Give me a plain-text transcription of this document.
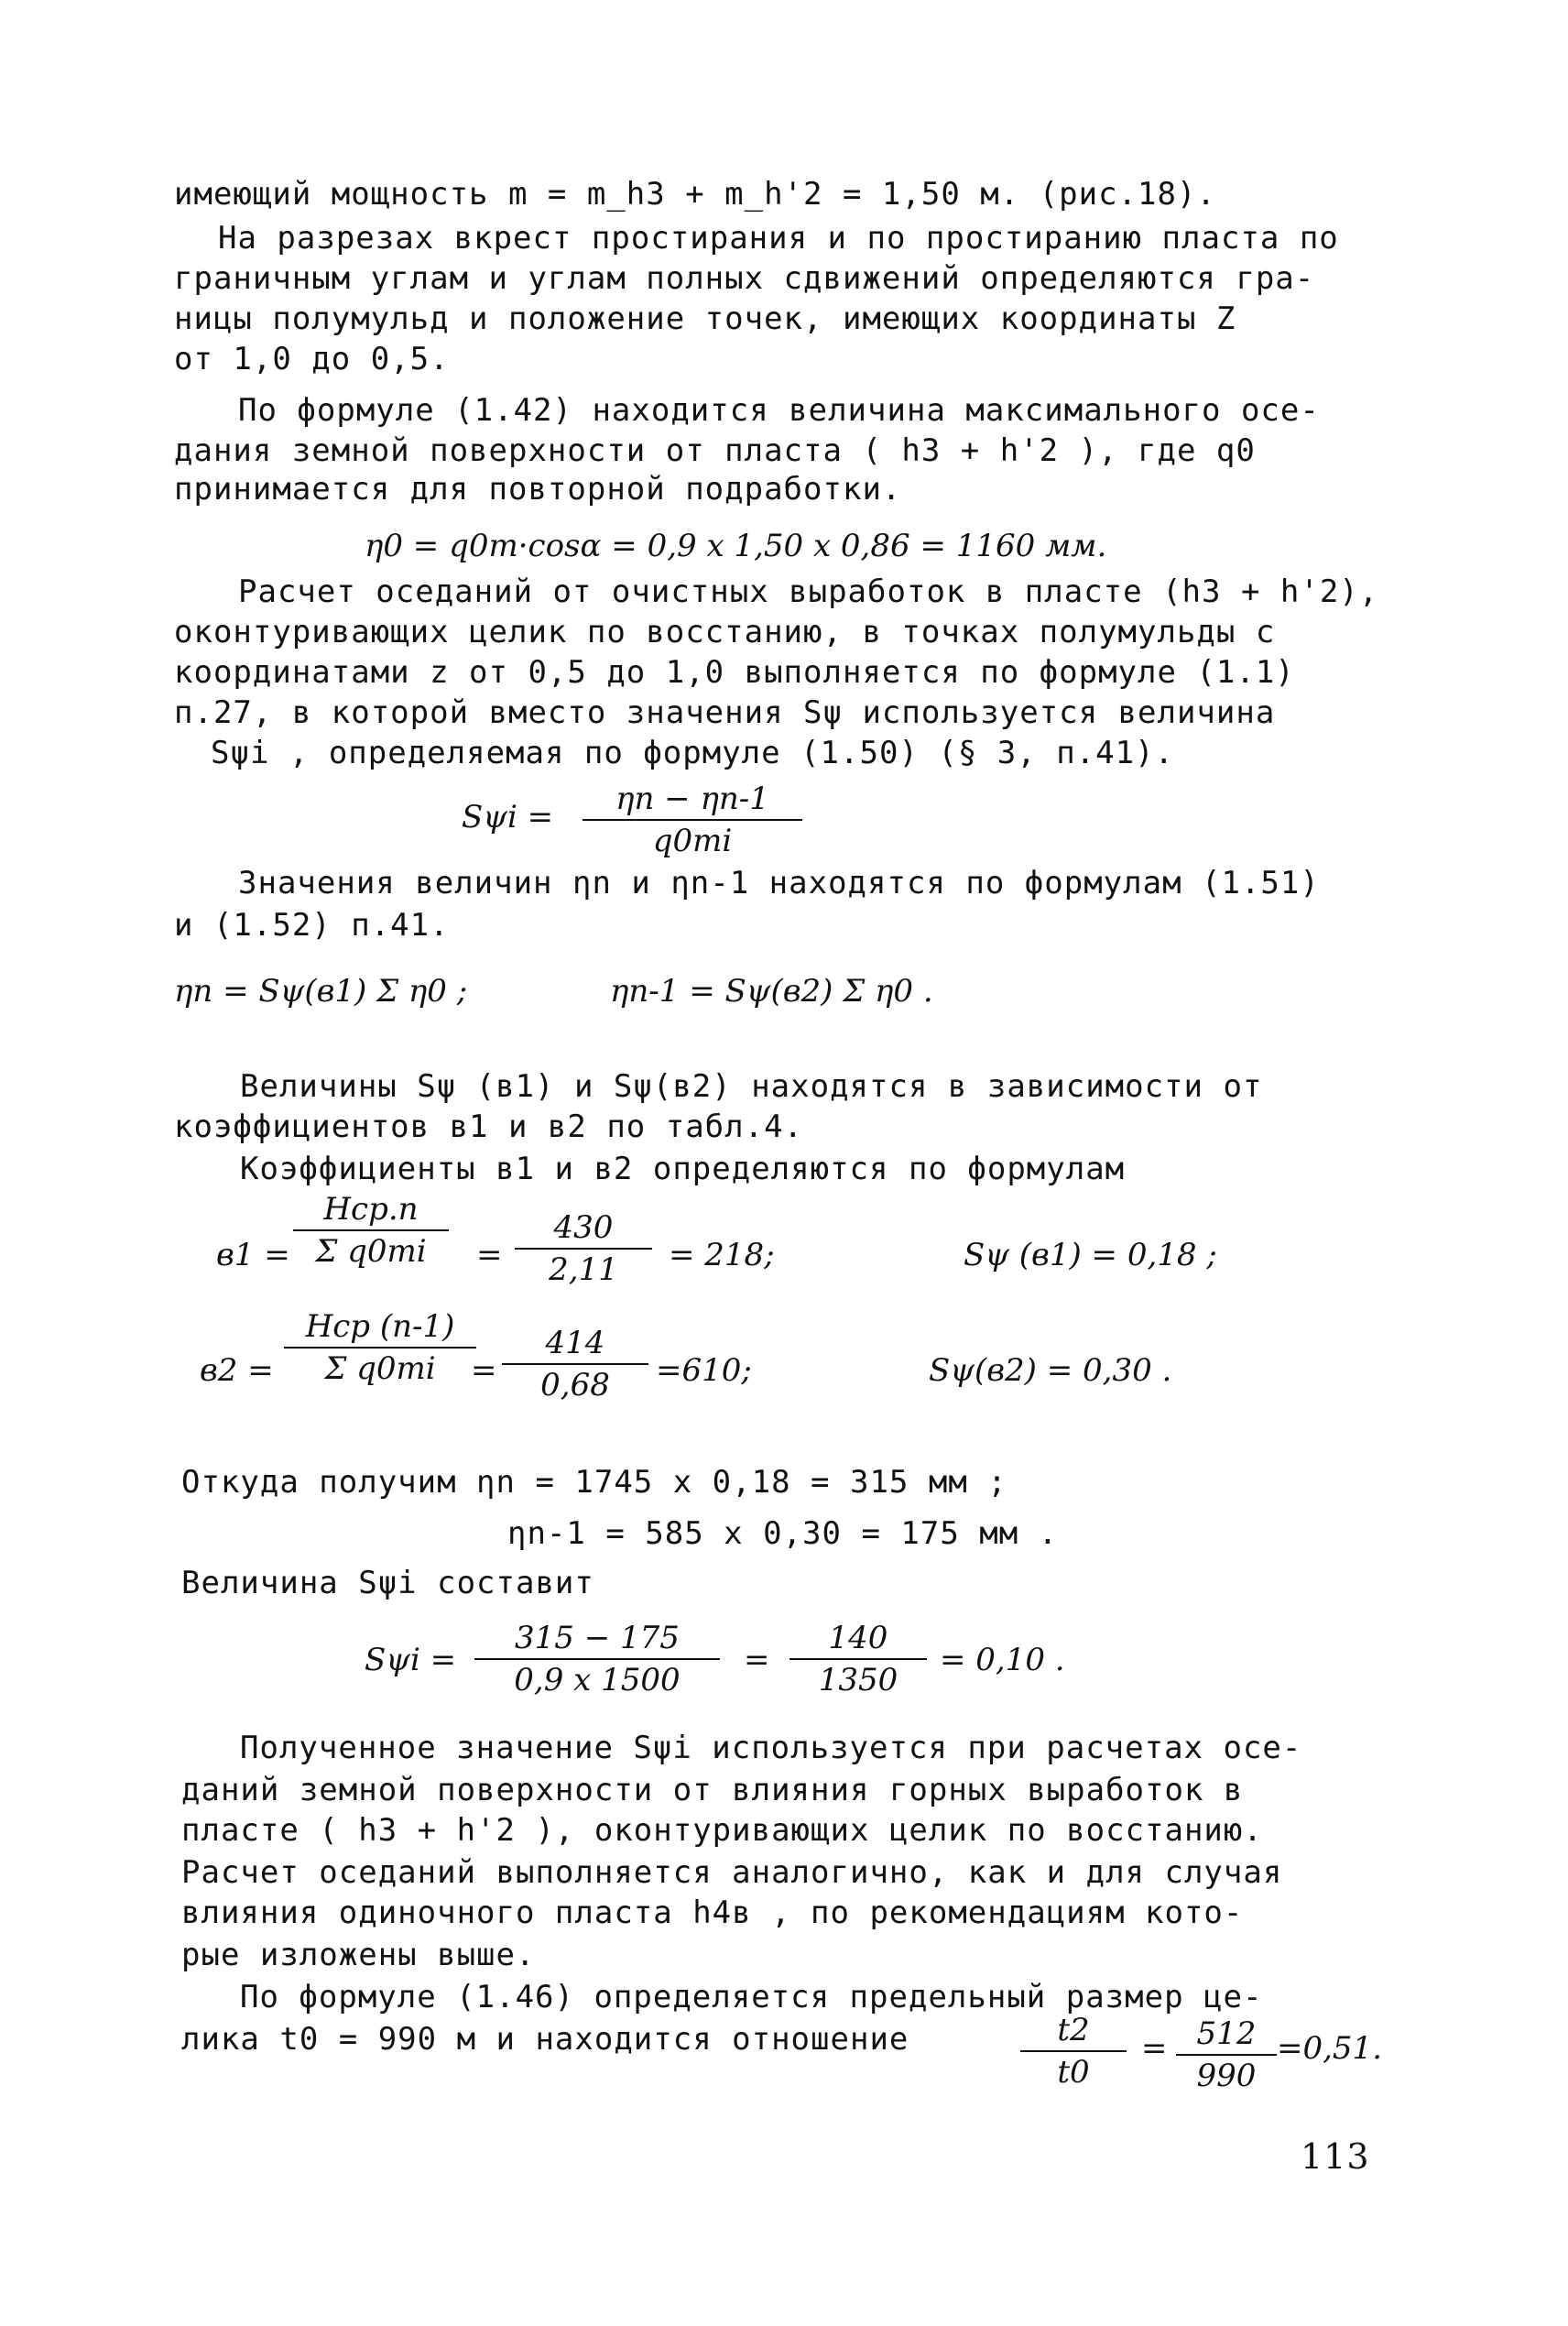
имеющий мощность m = m_h3 + m_h'2 = 1,50 м. (рис.18).
На разрезах вкрест простирания и по простиранию пласта по
граничным углам и углам полных сдвижений определяются гра-
ницы полумульд и положение точек, имеющих координаты Z
от 1,0 до 0,5.
По формуле (1.42) находится величина максимального осе-
дания земной поверхности от пласта ( h3 + h'2 ), где q0
принимается для повторной подработки.
η0 = q0m·cosα = 0,9 x 1,50 x 0,86 = 1160 мм.
Расчет оседаний от очистных выработок в пласте (h3 + h'2),
оконтуривающих целик по восстанию, в точках полумульды с
координатами z от 0,5 до 1,0 выполняется по формуле (1.1)
п.27, в которой вместо значения Sψ используется величина
Sψi , определяемая по формуле (1.50) (§ 3, п.41).
$S\psi i = \frac{\eta n - \eta n-1}{q0mi}$
Значения величин ηn и ηn-1 находятся по формулам (1.51)
и (1.52) п.41.
ηn = Sψ(в1) Σ η0 ;	ηn-1 = Sψ(в2) Σ η0 .
Величины Sψ (в1) и Sψ(в2) находятся в зависимости от
коэффициентов в1 и в2 по табл.4.
Коэффициенты в1 и в2 определяются по формулам
в1 =
Hср.n
Σ q0mi	= $\frac{430}{2,11} = 218$;	Sψ (в1) = 0,18 ;
в2 =
Hср (n-1)
Σ q0mi	= $\frac{414}{0,68} =610$;	Sψ(в2) = 0,30 .
Откуда получим ηn = 1745 x 0,18 = 315 мм ;
ηn-1 = 585 x 0,30 = 175 мм .
Величина Sψi составит
$S\psi i = \frac{315 - 175}{0,9 x 1500} = \frac{140}{1350} = 0,10$ .
Полученное значение Sψi используется при расчетах осе-
даний земной поверхности от влияния горных выработок в
пласте ( h3 + h'2 ), оконтуривающих целик по восстанию.
Расчет оседаний выполняется аналогично, как и для случая
влияния одиночного пласта h4в , по рекомендациям кото-
рые изложены выше.
По формуле (1.46) определяется предельный размер це-
лика t0 = 990 м и находится отношение	$\frac{t2}{t0} = \frac{512}{990} =0,51$.
113
